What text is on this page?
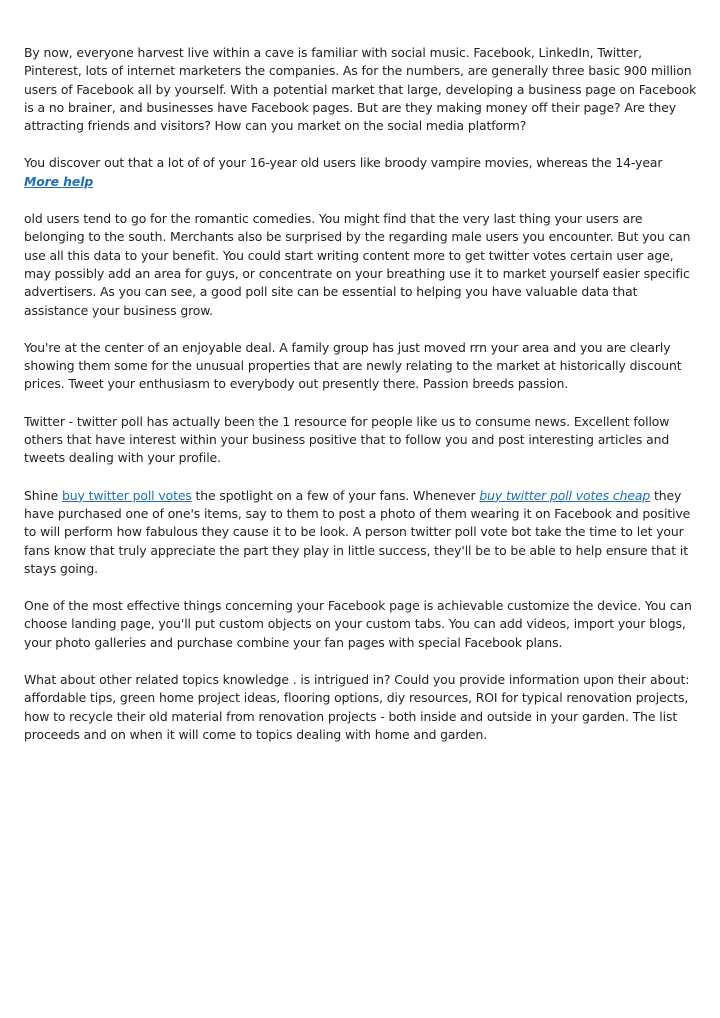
By now, everyone harvest live within a cave is familiar with social music. Facebook, LinkedIn, Twitter, Pinterest, lots of internet marketers the companies. As for the numbers, are generally three basic 900 million users of Facebook all by yourself. With a potential market that large, developing a business page on Facebook is a no brainer, and businesses have Facebook pages. But are they making money off their page? Are they attracting friends and visitors? How can you market on the social media platform?

You discover out that a lot of of your 16-year old users like broody vampire movies, whereas the 14-year More help

old users tend to go for the romantic comedies. You might find that the very last thing your users are belonging to the south. Merchants also be surprised by the regarding male users you encounter. But you can use all this data to your benefit. You could start writing content more to get twitter votes certain user age, may possibly add an area for guys, or concentrate on your breathing use it to market yourself easier specific advertisers. As you can see, a good poll site can be essential to helping you have valuable data that assistance your business grow.

You're at the center of an enjoyable deal. A family group has just moved rrn your area and you are clearly showing them some for the unusual properties that are newly relating to the market at historically discount prices. Tweet your enthusiasm to everybody out presently there. Passion breeds passion.

Twitter - twitter poll has actually been the 1 resource for people like us to consume news. Excellent follow others that have interest within your business positive that to follow you and post interesting articles and tweets dealing with your profile.

Shine buy twitter poll votes the spotlight on a few of your fans. Whenever buy twitter poll votes cheap they have purchased one of one's items, say to them to post a photo of them wearing it on Facebook and positive to will perform how fabulous they cause it to be look. A person twitter poll vote bot take the time to let your fans know that truly appreciate the part they play in little success, they'll be to be able to help ensure that it stays going.

One of the most effective things concerning your Facebook page is achievable customize the device. You can choose landing page, you'll put custom objects on your custom tabs. You can add videos, import your blogs, your photo galleries and purchase combine your fan pages with special Facebook plans.

What about other related topics knowledge . is intrigued in? Could you provide information upon their about: affordable tips, green home project ideas, flooring options, diy resources, ROI for typical renovation projects, how to recycle their old material from renovation projects - both inside and outside in your garden. The list proceeds and on when it will come to topics dealing with home and garden.
